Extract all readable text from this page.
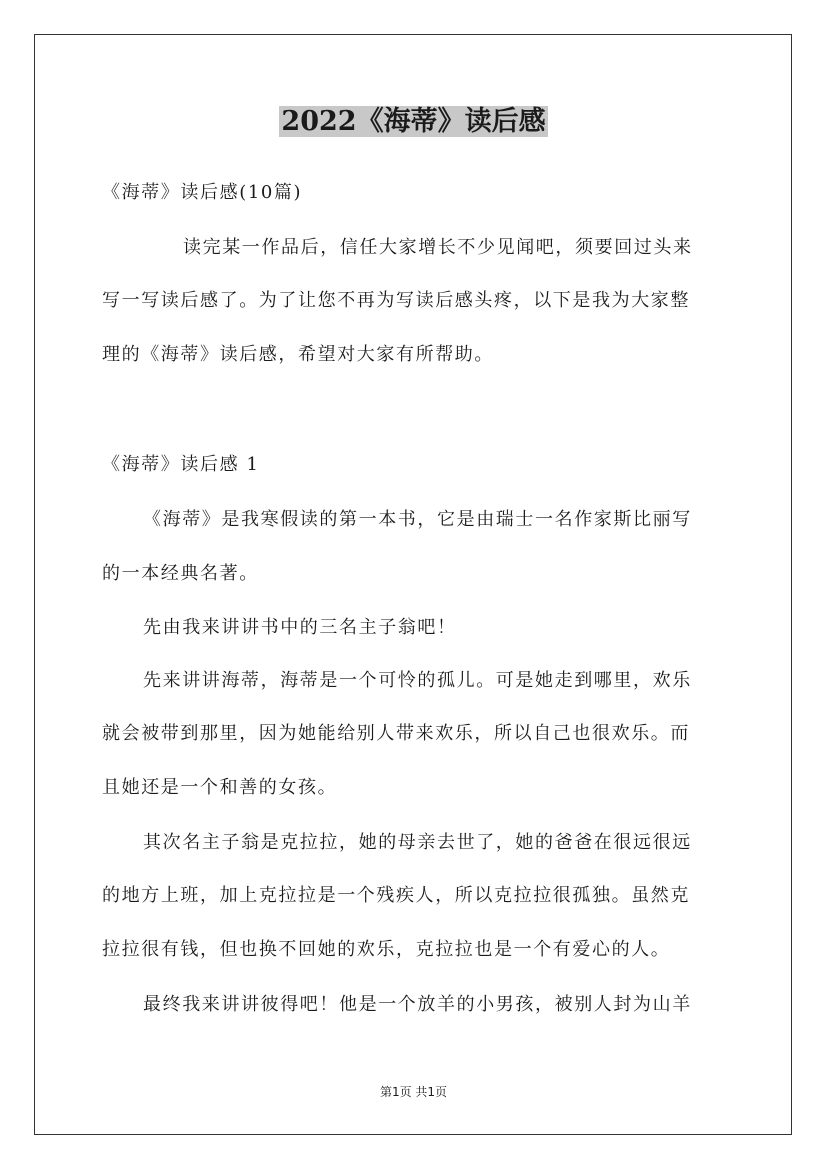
2022《海蒂》读后感
《海蒂》读后感(10篇)
读完某一作品后，信任大家增长不少见闻吧，须要回过头来
写一写读后感了。为了让您不再为写读后感头疼，以下是我为大家整
理的《海蒂》读后感，希望对大家有所帮助。
《海蒂》读后感 1
《海蒂》是我寒假读的第一本书，它是由瑞士一名作家斯比丽写
的一本经典名著。
先由我来讲讲书中的三名主子翁吧！
先来讲讲海蒂，海蒂是一个可怜的孤儿。可是她走到哪里，欢乐
就会被带到那里，因为她能给别人带来欢乐，所以自己也很欢乐。而
且她还是一个和善的女孩。
其次名主子翁是克拉拉，她的母亲去世了，她的爸爸在很远很远
的地方上班，加上克拉拉是一个残疾人，所以克拉拉很孤独。虽然克
拉拉很有钱，但也换不回她的欢乐，克拉拉也是一个有爱心的人。
最终我来讲讲彼得吧！他是一个放羊的小男孩，被别人封为山羊
第1页 共1页
